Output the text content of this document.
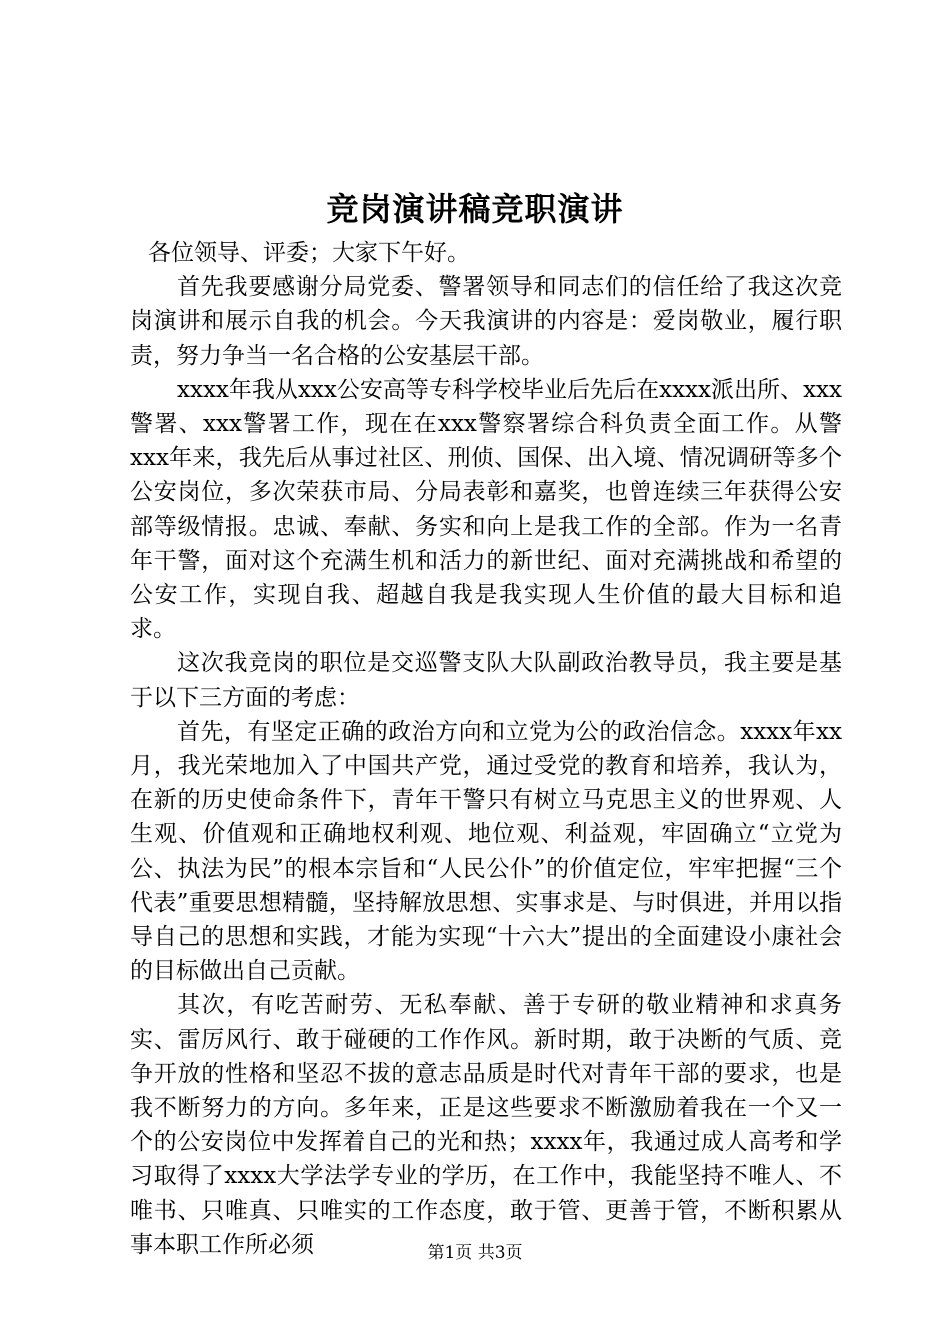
竞岗演讲稿竞职演讲

各位领导、评委；大家下午好。

首先我要感谢分局党委、警署领导和同志们的信任给了我这次竞岗演讲和展示自我的机会。今天我演讲的内容是：爱岗敬业，履行职责，努力争当一名合格的公安基层干部。

xxxx年我从xxx公安高等专科学校毕业后先后在xxxx派出所、xxx警署、xxx警署工作，现在在xxx警察署综合科负责全面工作。从警xxx年来，我先后从事过社区、刑侦、国保、出入境、情况调研等多个公安岗位，多次荣获市局、分局表彰和嘉奖，也曾连续三年获得公安部等级情报。忠诚、奉献、务实和向上是我工作的全部。作为一名青年干警，面对这个充满生机和活力的新世纪、面对充满挑战和希望的公安工作，实现自我、超越自我是我实现人生价值的最大目标和追求。

这次我竞岗的职位是交巡警支队大队副政治教导员，我主要是基于以下三方面的考虑：

首先，有坚定正确的政治方向和立党为公的政治信念。xxxx年xx月，我光荣地加入了中国共产党，通过受党的教育和培养，我认为，在新的历史使命条件下，青年干警只有树立马克思主义的世界观、人生观、价值观和正确地权利观、地位观、利益观，牢固确立“立党为公、执法为民”的根本宗旨和“人民公仆”的价值定位，牢牢把握“三个代表”重要思想精髓，坚持解放思想、实事求是、与时俱进，并用以指导自己的思想和实践，才能为实现“十六大”提出的全面建设小康社会的目标做出自己贡献。

其次，有吃苦耐劳、无私奉献、善于专研的敬业精神和求真务实、雷厉风行、敢于碰硬的工作作风。新时期，敢于决断的气质、竞争开放的性格和坚忍不拔的意志品质是时代对青年干部的要求，也是我不断努力的方向。多年来，正是这些要求不断激励着我在一个又一个的公安岗位中发挥着自己的光和热；xxxx年，我通过成人高考和学习取得了xxxx大学法学专业的学历，在工作中，我能坚持不唯人、不唯书、只唯真、只唯实的工作态度，敢于管、更善于管，不断积累从事本职工作所必须	第1页 共3页
